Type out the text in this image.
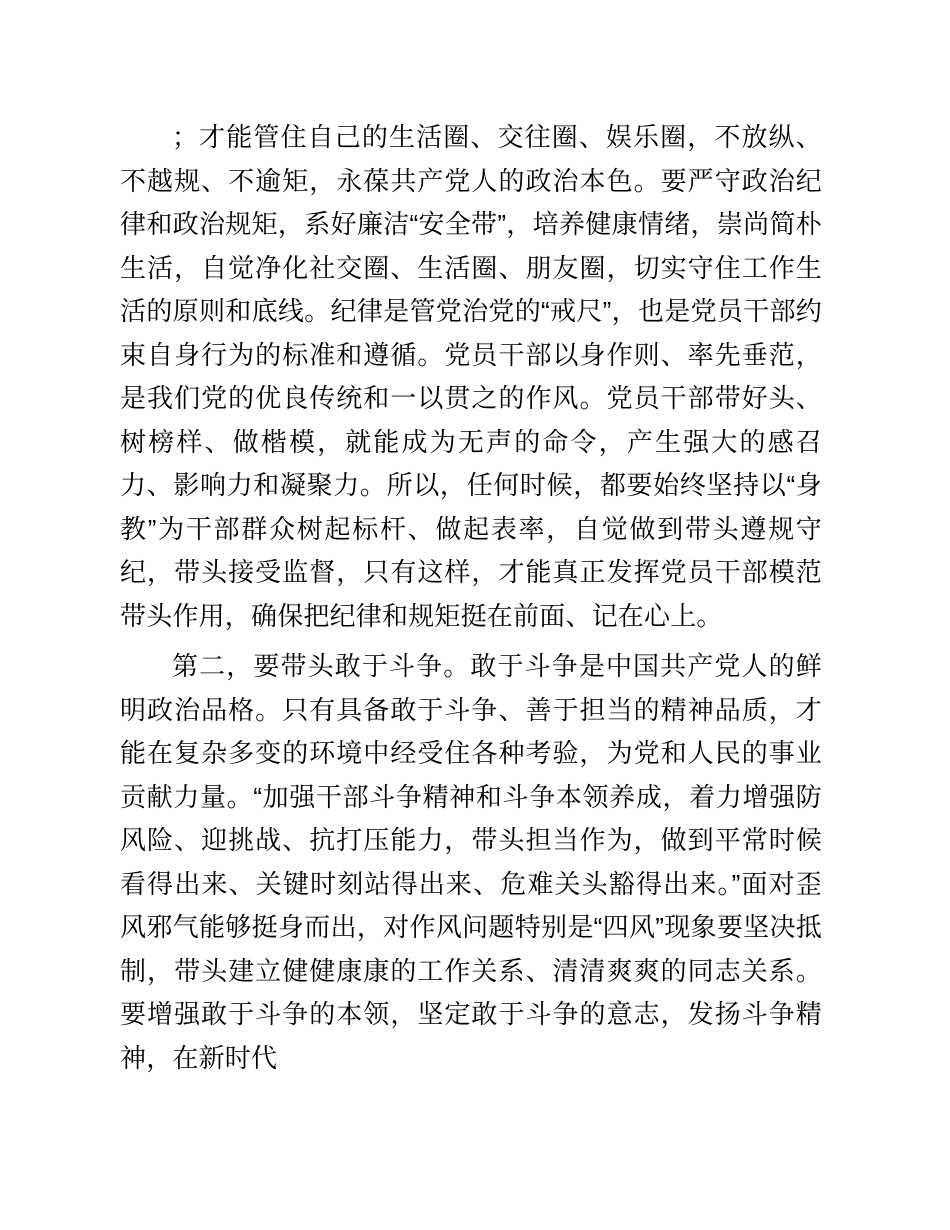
；才能管住自己的生活圈、交往圈、娱乐圈，不放纵、不越规、不逾矩，永葆共产党人的政治本色。要严守政治纪律和政治规矩，系好廉洁“安全带”，培养健康情绪，崇尚简朴生活，自觉净化社交圈、生活圈、朋友圈，切实守住工作生活的原则和底线。纪律是管党治党的“戒尺”，也是党员干部约束自身行为的标准和遵循。党员干部以身作则、率先垂范，是我们党的优良传统和一以贯之的作风。党员干部带好头、树榜样、做楷模，就能成为无声的命令，产生强大的感召力、影响力和凝聚力。所以，任何时候，都要始终坚持以“身教”为干部群众树起标杆、做起表率，自觉做到带头遵规守纪，带头接受监督，只有这样，才能真正发挥党员干部模范带头作用，确保把纪律和规矩挺在前面、记在心上。

第二，要带头敢于斗争。敢于斗争是中国共产党人的鲜明政治品格。只有具备敢于斗争、善于担当的精神品质，才能在复杂多变的环境中经受住各种考验，为党和人民的事业贡献力量。“加强干部斗争精神和斗争本领养成，着力增强防风险、迎挑战、抗打压能力，带头担当作为，做到平常时候看得出来、关键时刻站得出来、危难关头豁得出来。”面对歪风邪气能够挺身而出，对作风问题特别是“四风”现象要坚决抵制，带头建立健健康康的工作关系、清清爽爽的同志关系。要增强敢于斗争的本领，坚定敢于斗争的意志，发扬斗争精神，在新时代
